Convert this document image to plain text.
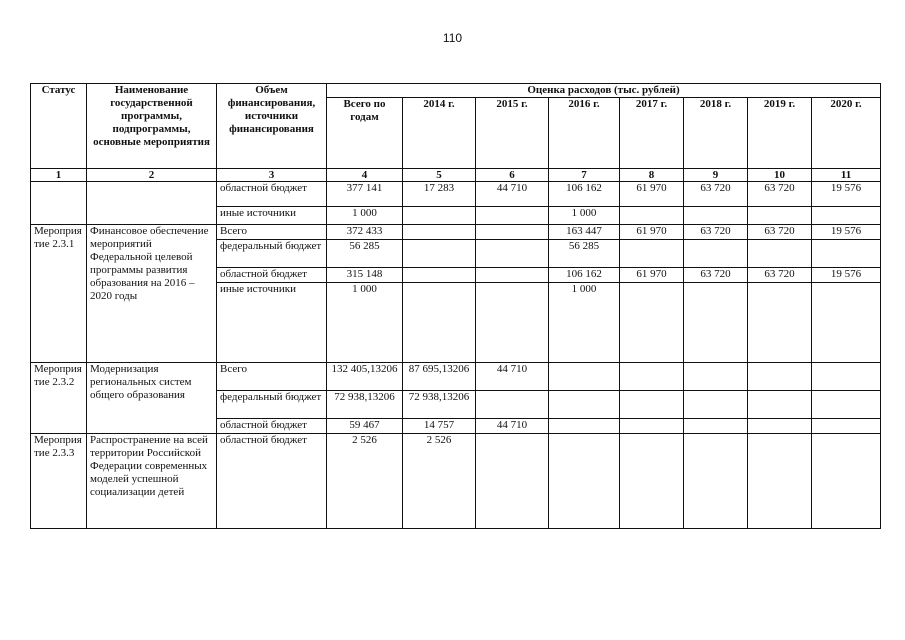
110
Статус	Наименование государственной программы, подпрограммы, основные мероприятия	Объем финансирования, источники финансирования	Оценка расходов (тыс. рублей)							
			Всего по годам	2014 г.	2015 г.	2016 г.	2017 г.	2018 г.	2019 г.	2020 г.
1	2	3	4	5	6	7	8	9	10	11
		областной бюджет	377 141	17 283	44 710	106 162	61 970	63 720	63 720	19 576
		иные источники	1 000			1 000				
Мероприя тие 2.3.1	Финансовое обеспечение мероприятий Федеральной целевой программы развития образования на 2016 – 2020 годы	Всего	372 433			163 447	61 970	63 720	63 720	19 576
		федеральный бюджет	56 285			56 285				
		областной бюджет	315 148			106 162	61 970	63 720	63 720	19 576
		иные источники	1 000			1 000				
Мероприя тие 2.3.2	Модернизация региональных систем общего образования	Всего	132 405,13206	87 695,13206	44 710					
		федеральный бюджет	72 938,13206	72 938,13206						
		областной бюджет	59 467	14 757	44 710					
Мероприя тие 2.3.3	Распространение на всей территории Российской Федерации современных моделей успешной социализации детей	областной бюджет	2 526	2 526						
